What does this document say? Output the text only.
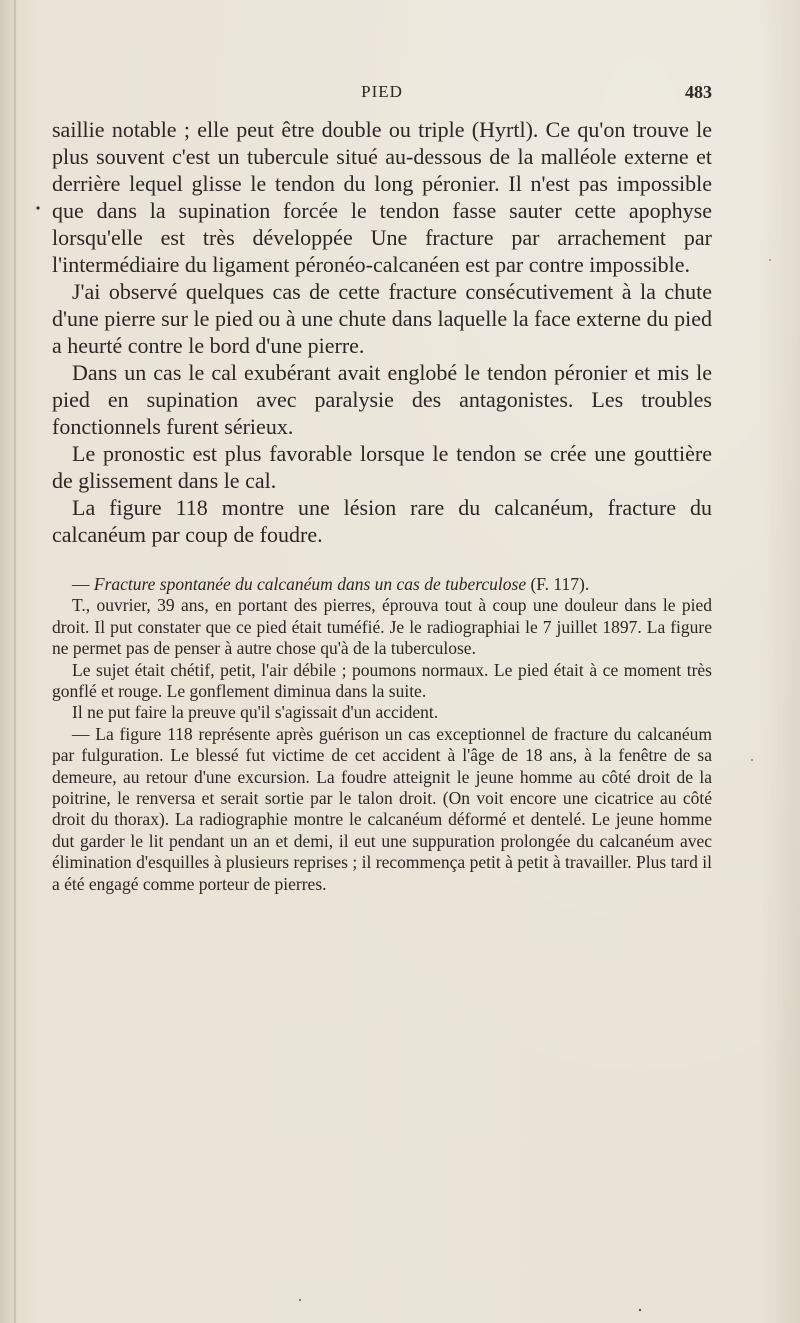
PIED	483

saillie notable ; elle peut être double ou triple (Hyrtl). Ce qu'on trouve le plus souvent c'est un tubercule situé au-dessous de la malléole externe et derrière lequel glisse le tendon du long péronier. Il n'est pas impossible que dans la supination forcée le tendon fasse sauter cette apophyse lorsqu'elle est très développée Une fracture par arrachement par l'intermédiaire du ligament péronéo-calcanéen est par contre impossible.

J'ai observé quelques cas de cette fracture consécutivement à la chute d'une pierre sur le pied ou à une chute dans laquelle la face externe du pied a heurté contre le bord d'une pierre.

Dans un cas le cal exubérant avait englobé le tendon péronier et mis le pied en supination avec paralysie des antagonistes. Les troubles fonctionnels furent sérieux.

Le pronostic est plus favorable lorsque le tendon se crée une gouttière de glissement dans le cal.

La figure 118 montre une lésion rare du calcanéum, fracture du calcanéum par coup de foudre.

— Fracture spontanée du calcanéum dans un cas de tuberculose (F. 117).

T., ouvrier, 39 ans, en portant des pierres, éprouva tout à coup une douleur dans le pied droit. Il put constater que ce pied était tuméfié. Je le radiographiai le 7 juillet 1897. La figure ne permet pas de penser à autre chose qu'à de la tuberculose.

Le sujet était chétif, petit, l'air débile ; poumons normaux. Le pied était à ce moment très gonflé et rouge. Le gonflement diminua dans la suite.

Il ne put faire la preuve qu'il s'agissait d'un accident.

— La figure 118 représente après guérison un cas exceptionnel de fracture du calcanéum par fulguration. Le blessé fut victime de cet accident à l'âge de 18 ans, à la fenêtre de sa demeure, au retour d'une excursion. La foudre atteignit le jeune homme au côté droit de la poitrine, le renversa et serait sortie par le talon droit. (On voit encore une cicatrice au côté droit du thorax). La radiographie montre le calcanéum déformé et dentelé. Le jeune homme dut garder le lit pendant un an et demi, il eut une suppuration prolongée du calcanéum avec élimination d'esquilles à plusieurs reprises ; il recommença petit à petit à travailler. Plus tard il a été engagé comme porteur de pierres.
